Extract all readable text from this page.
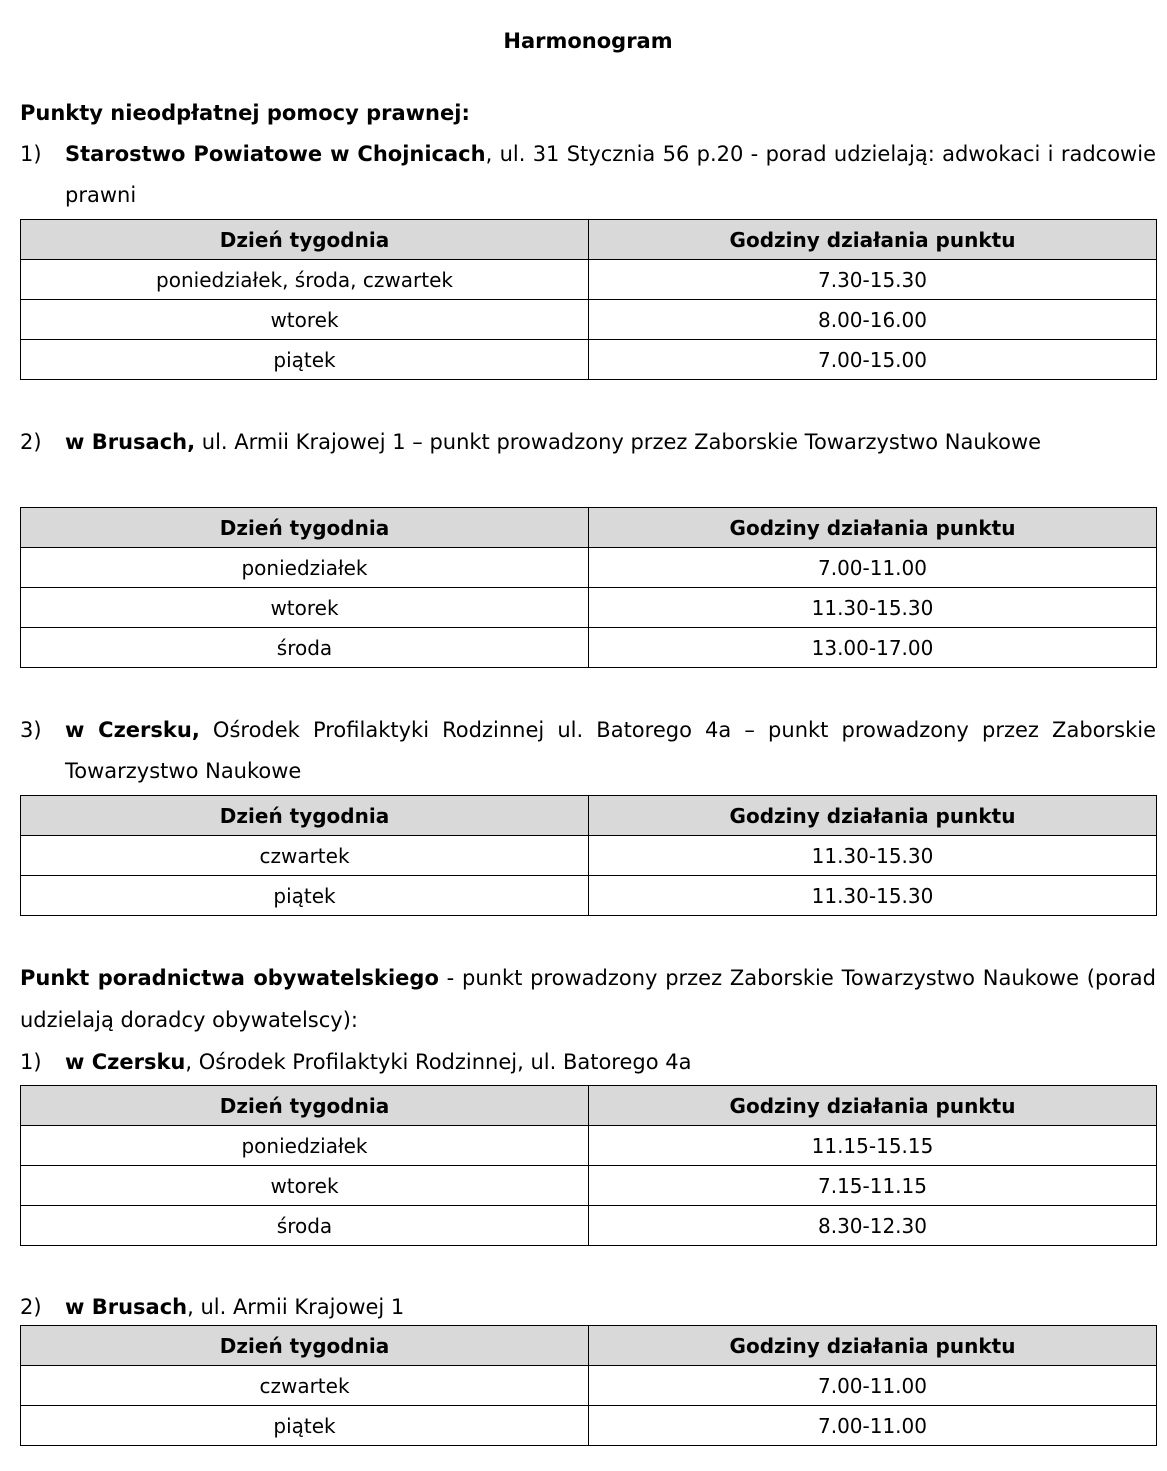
Harmonogram
Punkty nieodpłatnej pomocy prawnej:
1) Starostwo Powiatowe w Chojnicach, ul. 31 Stycznia 56 p.20 - porad udzielają: adwokaci i radcowie prawni
Dzień tygodnia	Godziny działania punktu
poniedziałek, środa, czwartek	7.30-15.30
wtorek	8.00-16.00
piątek	7.00-15.00
2) w Brusach, ul. Armii Krajowej 1 – punkt prowadzony przez Zaborskie Towarzystwo Naukowe
Dzień tygodnia	Godziny działania punktu
poniedziałek	7.00-11.00
wtorek	11.30-15.30
środa	13.00-17.00
3) w Czersku, Ośrodek Profilaktyki Rodzinnej ul. Batorego 4a – punkt prowadzony przez Zaborskie Towarzystwo Naukowe
Dzień tygodnia	Godziny działania punktu
czwartek	11.30-15.30
piątek	11.30-15.30
Punkt poradnictwa obywatelskiego - punkt prowadzony przez Zaborskie Towarzystwo Naukowe (porad udzielają doradcy obywatelscy):
1) w Czersku, Ośrodek Profilaktyki Rodzinnej, ul. Batorego 4a
Dzień tygodnia	Godziny działania punktu
poniedziałek	11.15-15.15
wtorek	7.15-11.15
środa	8.30-12.30
2) w Brusach, ul. Armii Krajowej 1
Dzień tygodnia	Godziny działania punktu
czwartek	7.00-11.00
piątek	7.00-11.00
